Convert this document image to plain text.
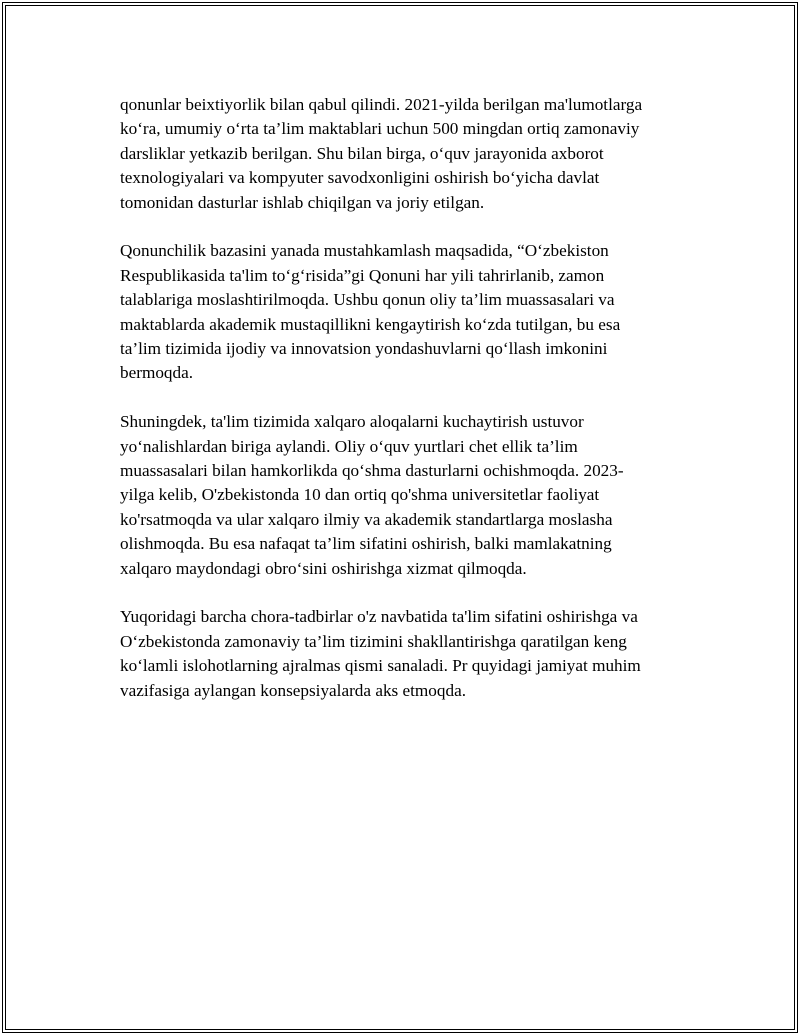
qonunlar beixtiyorlik bilan qabul qilindi. 2021-yilda berilgan ma'lumotlarga
ko‘ra, umumiy o‘rta ta’lim maktablari uchun 500 mingdan ortiq zamonaviy
darsliklar yetkazib berilgan. Shu bilan birga, o‘quv jarayonida axborot
texnologiyalari va kompyuter savodxonligini oshirish bo‘yicha davlat
tomonidan dasturlar ishlab chiqilgan va joriy etilgan.

Qonunchilik bazasini yanada mustahkamlash maqsadida, “O‘zbekiston
Respublikasida ta'lim to‘g‘risida”gi Qonuni har yili tahrirlanib, zamon
talablariga moslashtirilmoqda. Ushbu qonun oliy ta’lim muassasalari va
maktablarda akademik mustaqillikni kengaytirish ko‘zda tutilgan, bu esa
ta’lim tizimida ijodiy va innovatsion yondashuvlarni qo‘llash imkonini
bermoqda.

Shuningdek, ta'lim tizimida xalqaro aloqalarni kuchaytirish ustuvor
yo‘nalishlardan biriga aylandi. Oliy o‘quv yurtlari chet ellik ta’lim
muassasalari bilan hamkorlikda qo‘shma dasturlarni ochishmoqda. 2023-
yilga kelib, O'zbekistonda 10 dan ortiq qo'shma universitetlar faoliyat
ko'rsatmoqda va ular xalqaro ilmiy va akademik standartlarga moslasha
olishmoqda. Bu esa nafaqat ta’lim sifatini oshirish, balki mamlakatning
xalqaro maydondagi obro‘sini oshirishga xizmat qilmoqda.

Yuqoridagi barcha chora-tadbirlar o'z navbatida ta'lim sifatini oshirishga va
O‘zbekistonda zamonaviy ta’lim tizimini shakllantirishga qaratilgan keng
ko‘lamli islohotlarning ajralmas qismi sanaladi. Pr quyidagi jamiyat muhim
vazifasiga aylangan konsepsiyalarda aks etmoqda.
